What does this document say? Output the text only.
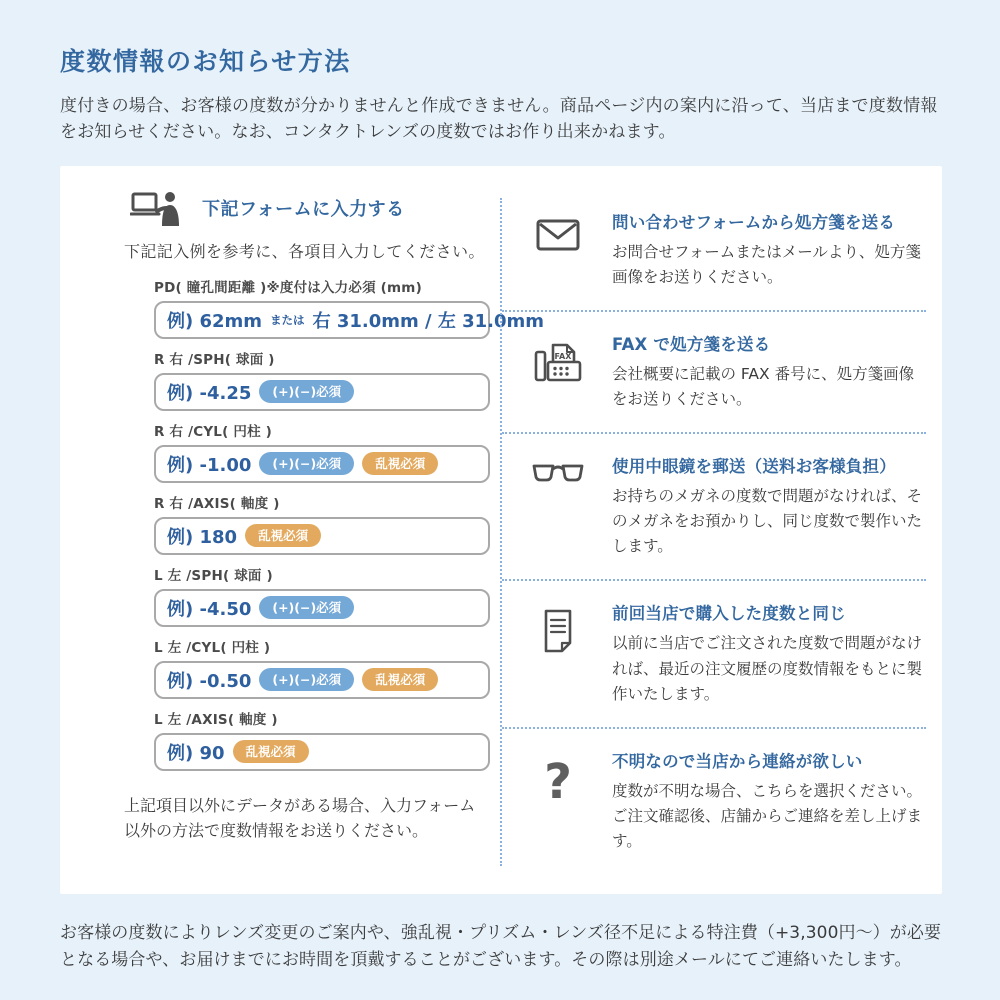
度数情報のお知らせ方法

度付きの場合、お客様の度数が分かりませんと作成できません。商品ページ内の案内に沿って、当店まで度数情報をお知らせください。なお、コンタクトレンズの度数ではお作り出来かねます。

下記フォームに入力する

下記記入例を参考に、各項目入力してください。

PD( 瞳孔間距離 )※度付は入力必須 (mm)
例) 62mm または 右 31.0mm / 左 31.0mm
R 右 /SPH( 球面 )
例) -4.25	(+)(−)必須
R 右 /CYL( 円柱 )
例) -1.00	(+)(−)必須	乱視必須
R 右 /AXIS( 軸度 )
例) 180	乱視必須
L 左 /SPH( 球面 )
例) -4.50	(+)(−)必須
L 左 /CYL( 円柱 )
例) -0.50	(+)(−)必須	乱視必須
L 左 /AXIS( 軸度 )
例) 90	乱視必須

上記項目以外にデータがある場合、入力フォーム以外の方法で度数情報をお送りください。

問い合わせフォームから処方箋を送る

お問合せフォームまたはメールより、処方箋画像をお送りください。

FAX
FAX で処方箋を送る

会社概要に記載の FAX 番号に、処方箋画像をお送りください。

使用中眼鏡を郵送（送料お客様負担）

お持ちのメガネの度数で問題がなければ、そのメガネをお預かりし、同じ度数で製作いたします。

前回当店で購入した度数と同じ

以前に当店でご注文された度数で問題がなければ、最近の注文履歴の度数情報をもとに製作いたします。

? 不明なので当店から連絡が欲しい

度数が不明な場合、こちらを選択ください。ご注文確認後、店舗からご連絡を差し上げます。

お客様の度数によりレンズ変更のご案内や、強乱視・プリズム・レンズ径不足による特注費（+3,300円〜）が必要となる場合や、お届けまでにお時間を頂戴することがございます。その際は別途メールにてご連絡いたします。
